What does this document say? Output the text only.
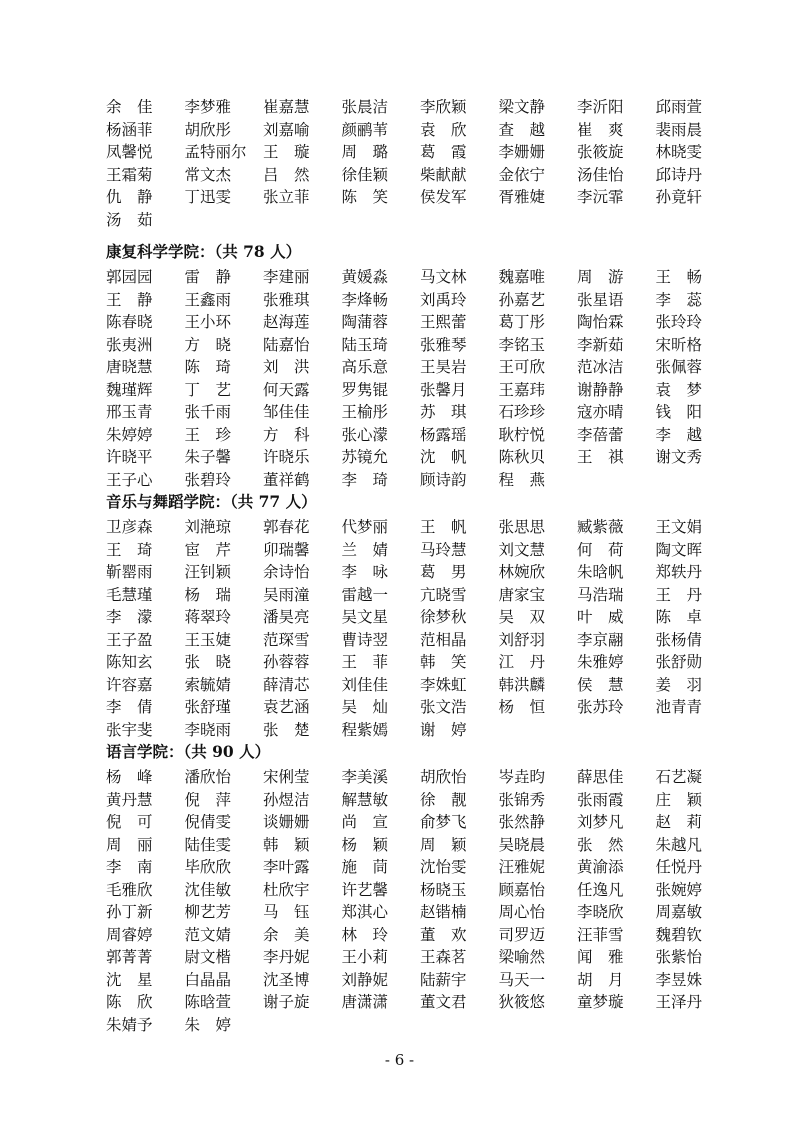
余佳	李梦雅	崔嘉慧	张晨洁	李欣颖	梁文静	李沂阳	邱雨萱
杨涵菲	胡欣彤	刘嘉喻	颜鹂苇	袁欣	查越	崔爽	裴雨晨
凤馨悦	孟特丽尔	王璇	周璐	葛霞	李姗姗	张筱旋	林晓雯
王霜菊	常文杰	吕然	徐佳颖	柴献献	金依宁	汤佳怡	邱诗丹
仇静	丁迅雯	张立菲	陈笑	侯发军	胥雅婕	李沅霏	孙竟轩
汤茹
康复科学学院：（共 78 人）
郭园园	雷静	李建丽	黄媛淼	马文林	魏嘉唯	周游	王畅
王静	王鑫雨	张雅琪	李烽畅	刘禹玲	孙嘉艺	张星语	李蕊
陈春晓	王小环	赵海莲	陶蒲蓉	王熙蕾	葛丁彤	陶怡霖	张玲玲
张夷洲	方晓	陆嘉怡	陆玉琦	张雅琴	李铭玉	李新茹	宋昕格
唐晓慧	陈琦	刘洪	高乐意	王昊岩	王可欣	范冰洁	张佩蓉
魏瑾辉	丁艺	何天露	罗隽锟	张馨月	王嘉玮	谢静静	袁梦
邢玉青	张千雨	邹佳佳	王榆彤	苏琪	石珍珍	寇亦晴	钱阳
朱婷婷	王珍	方科	张心濛	杨露瑶	耿柠悦	李蓓蕾	李越
许晓平	朱子馨	许晓乐	苏镜允	沈帆	陈秋贝	王祺	谢文秀
王子心	张碧玲	董祥鹤	李琦	顾诗韵	程燕
音乐与舞蹈学院：（共 77 人）
卫彦森	刘滟琼	郭春花	代梦丽	王帆	张思思	臧紫薇	王文娟
王琦	宦芹	卯瑞馨	兰婧	马玲慧	刘文慧	何荷	陶文晖
靳罂雨	汪钊颖	余诗怡	李咏	葛男	林婉欣	朱晗帆	郑轶丹
毛慧瑾	杨瑞	吴雨潼	雷越一	亢晓雪	唐家宝	马浩瑞	王丹
李濛	蒋翠玲	潘昊亮	吴文星	徐梦秋	吴双	叶威	陈卓
王子盈	王玉婕	范琛雪	曹诗翌	范相晶	刘舒羽	李京翮	张杨倩
陈知玄	张晓	孙蓉蓉	王菲	韩笑	江丹	朱雅婷	张舒勋
许容嘉	索毓婧	薛清芯	刘佳佳	李姝虹	韩洪麟	侯慧	姜羽
李倩	张舒瑾	袁艺涵	吴灿	张文浩	杨恒	张苏玲	池青青
张宇斐	李晓雨	张楚	程紫嫣	谢婷
语言学院：（共 90 人）
杨峰	潘欣怡	宋俐莹	李美溪	胡欣怡	岑垚昀	薛思佳	石艺凝
黄丹慧	倪萍	孙煜洁	解慧敏	徐靓	张锦秀	张雨霞	庄颖
倪可	倪倩雯	谈姗姗	尚宣	俞梦飞	张然静	刘梦凡	赵莉
周丽	陆佳雯	韩颖	杨颖	周颖	吴晓晨	张然	朱越凡
李南	毕欣欣	李叶露	施茼	沈怡雯	汪雅妮	黄渝添	任悦丹
毛雅欣	沈佳敏	杜欣宇	许艺馨	杨晓玉	顾嘉怡	任逸凡	张婉婷
孙丁新	柳艺芳	马钰	郑淇心	赵锴楠	周心怡	李晓欣	周嘉敏
周睿婷	范文婧	余美	林玲	董欢	司罗迈	汪菲雪	魏碧钦
郭菁菁	尉文楷	李丹妮	王小莉	王森茗	梁喻然	闻雅	张紫怡
沈星	白晶晶	沈圣博	刘静妮	陆薪宇	马天一	胡月	李昱姝
陈欣	陈晗萱	谢子旋	唐潇潇	董文君	狄筱悠	童梦璇	王泽丹
朱婧予	朱婷
- 6 -
